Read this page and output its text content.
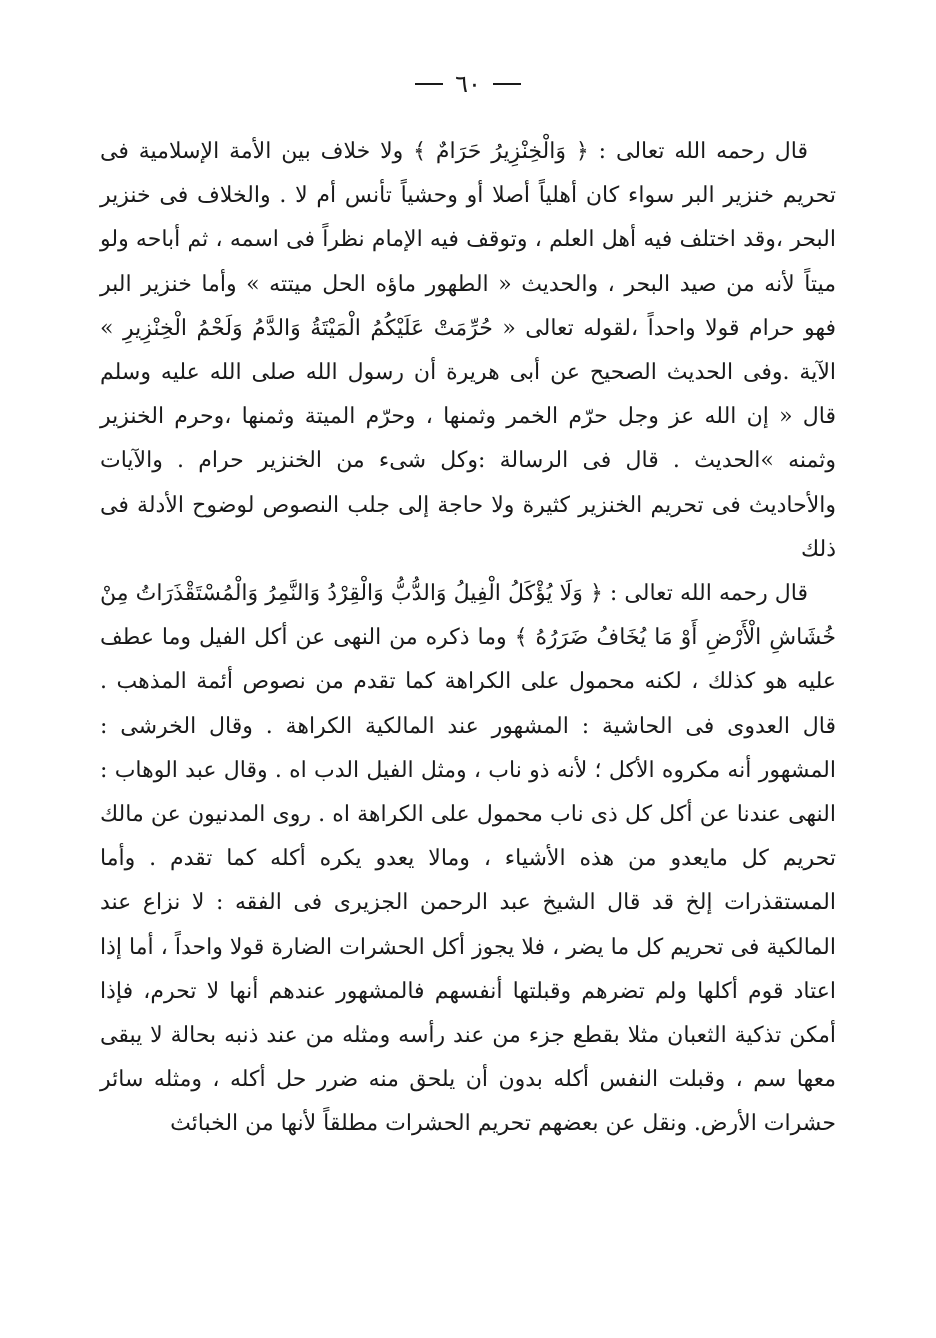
٦٠

قال رحمه الله تعالى : ﴿ وَالْخِنْزِيرُ حَرَامٌ ﴾ ولا خلاف بين الأمة الإسلامية فى تحريم خنزير البر سواء كان أهلياً أصلا أو وحشياً تأنس أم لا . والخلاف فى خنزير البحر ،وقد اختلف فيه أهل العلم ، وتوقف فيه الإمام نظراً فى اسمه ، ثم أباحه ولو ميتاً لأنه من صيد البحر ، والحديث « الطهور ماؤه الحل ميتته » وأما خنزير البر فهو حرام قولا واحداً ،لقوله تعالى « حُرِّمَتْ عَلَيْكُمُ الْمَيْتَةُ وَالدَّمُ وَلَحْمُ الْخِنْزِيرِ » الآية .وفى الحديث الصحيح عن أبى هريرة أن رسول الله صلى الله عليه وسلم قال « إن الله عز وجل حرّم الخمر وثمنها ، وحرّم الميتة وثمنها ،وحرم الخنزير وثمنه »الحديث . قال فى الرسالة :وكل شىء من الخنزير حرام . والآيات والأحاديث فى تحريم الخنزير كثيرة ولا حاجة إلى جلب النصوص لوضوح الأدلة فى ذلك

قال رحمه الله تعالى : ﴿ وَلَا يُؤْكَلُ الْفِيلُ وَالدُّبُّ وَالْقِرْدُ وَالنَّمِرُ وَالْمُسْتَقْذَرَاتُ مِنْ خُشَاشِ الْأَرْضِ أَوْ مَا يُخَافُ ضَرَرُهُ ﴾ وما ذكره من النهى عن أكل الفيل وما عطف عليه هو كذلك ، لكنه محمول على الكراهة كما تقدم من نصوص أئمة المذهب . قال العدوى فى الحاشية : المشهور عند المالكية الكراهة . وقال الخرشى : المشهور أنه مكروه الأكل ؛ لأنه ذو ناب ، ومثل الفيل الدب اه . وقال عبد الوهاب : النهى عندنا عن أكل كل ذى ناب محمول على الكراهة اه . روى المدنيون عن مالك تحريم كل مايعدو من هذه الأشياء ، ومالا يعدو يكره أكله كما تقدم . وأما المستقذرات إلخ قد قال الشيخ عبد الرحمن الجزيرى فى الفقه : لا نزاع عند المالكية فى تحريم كل ما يضر ، فلا يجوز أكل الحشرات الضارة قولا واحداً ، أما إذا اعتاد قوم أكلها ولم تضرهم وقبلتها أنفسهم فالمشهور عندهم أنها لا تحرم، فإذا أمكن تذكية الثعبان مثلا بقطع جزء من عند رأسه ومثله من عند ذنبه بحالة لا يبقى معها سم ، وقبلت النفس أكله بدون أن يلحق منه ضرر حل أكله ، ومثله سائر حشرات الأرض. ونقل عن بعضهم تحريم الحشرات مطلقاً لأنها من الخبائث
